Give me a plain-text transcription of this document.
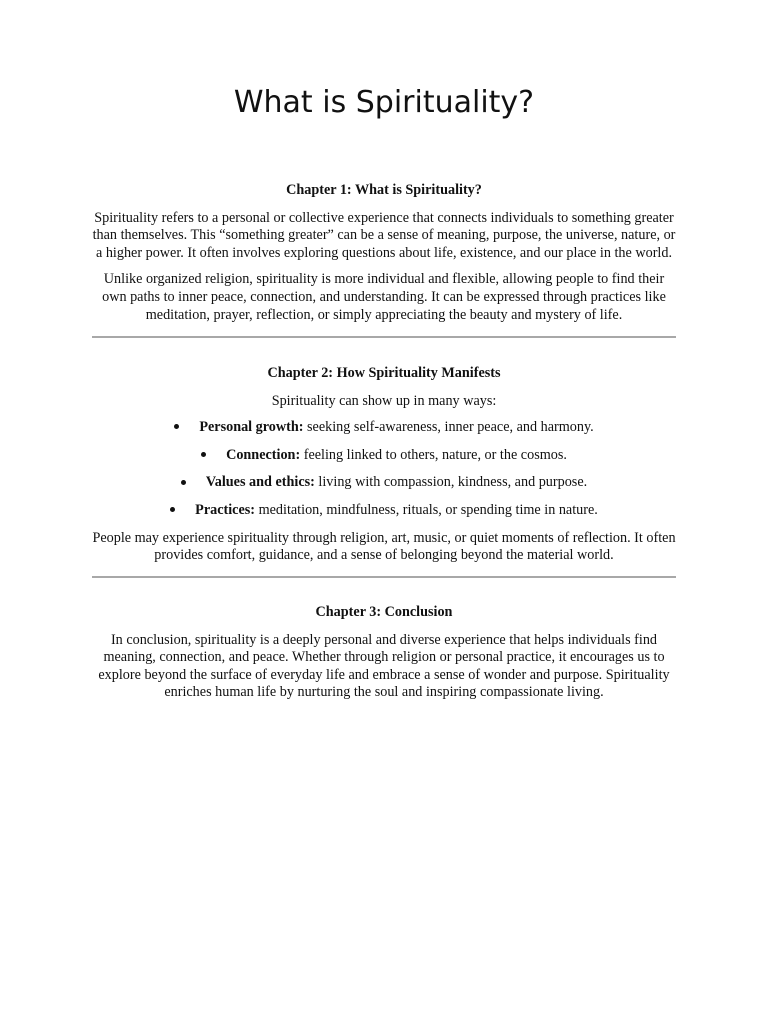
What is Spirituality?
Chapter 1: What is Spirituality?

Spirituality refers to a personal or collective experience that connects individuals to something greater than themselves. This “something greater” can be a sense of meaning, purpose, the universe, nature, or a higher power. It often involves exploring questions about life, existence, and our place in the world.

Unlike organized religion, spirituality is more individual and flexible, allowing people to find their own paths to inner peace, connection, and understanding. It can be expressed through practices like meditation, prayer, reflection, or simply appreciating the beauty and mystery of life.

Chapter 2: How Spirituality Manifests

Spirituality can show up in many ways:

Personal growth: seeking self-awareness, inner peace, and harmony.
Connection: feeling linked to others, nature, or the cosmos.
Values and ethics: living with compassion, kindness, and purpose.
Practices: meditation, mindfulness, rituals, or spending time in nature.

People may experience spirituality through religion, art, music, or quiet moments of reflection. It often provides comfort, guidance, and a sense of belonging beyond the material world.

Chapter 3: Conclusion

In conclusion, spirituality is a deeply personal and diverse experience that helps individuals find meaning, connection, and peace. Whether through religion or personal practice, it encourages us to explore beyond the surface of everyday life and embrace a sense of wonder and purpose. Spirituality enriches human life by nurturing the soul and inspiring compassionate living.
